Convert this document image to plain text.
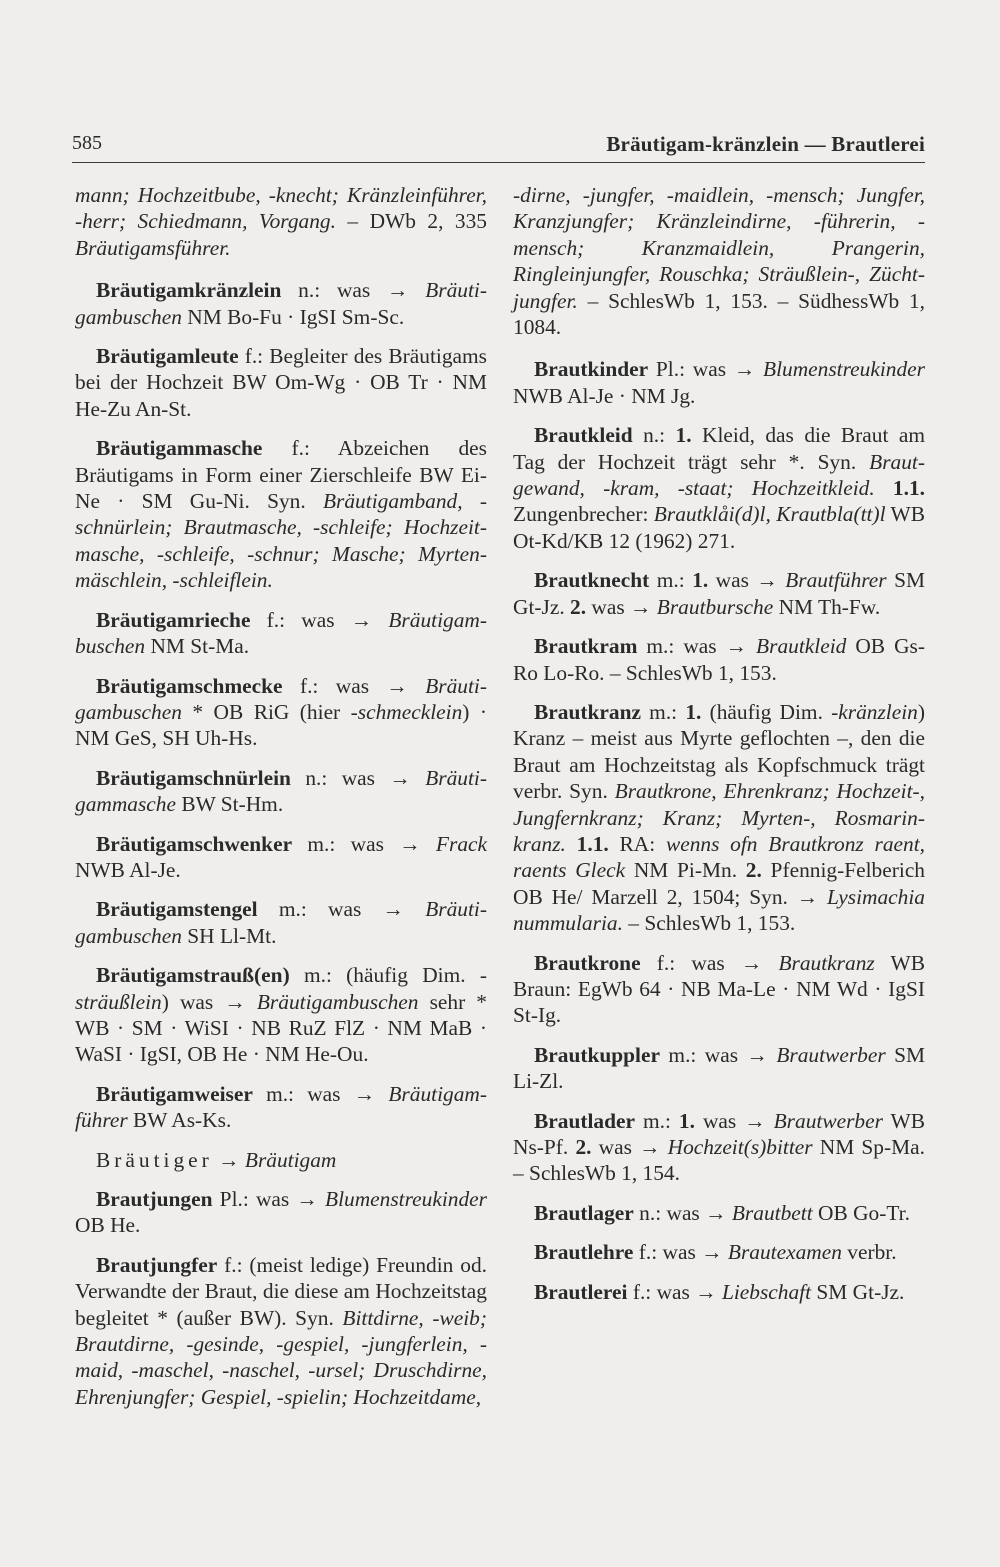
585	Bräutigam-kränzlein — Brautlerei

mann; Hochzeitbube, -knecht; Kränzleinführer, -herr; Schiedmann, Vorgang. – DWb 2, 335 Bräutigamsführer.

Bräutigamkränzlein n.: was → Bräutigambuschen NM Bo-Fu · IgSI Sm-Sc.

Bräutigamleute f.: Begleiter des Bräutigams bei der Hochzeit BW Om-Wg · OB Tr · NM He-Zu An-St.

Bräutigammasche f.: Abzeichen des Bräutigams in Form einer Zierschleife BW Ei-Ne · SM Gu-Ni. Syn. Bräutigamband, -schnürlein; Brautmasche, -schleife; Hochzeitmasche, -schleife, -schnur; Masche; Myrtenmäschlein, -schleiflein.

Bräutigamrieche f.: was → Bräutigambuschen NM St-Ma.

Bräutigamschmecke f.: was → Bräutigambuschen * OB RiG (hier -schmecklein) · NM GeS, SH Uh-Hs.

Bräutigamschnürlein n.: was → Bräutigammasche BW St-Hm.

Bräutigamschwenker m.: was → Frack NWB Al-Je.

Bräutigamstengel m.: was → Bräutigambuschen SH Ll-Mt.

Bräutigamstrauß(en) m.: (häufig Dim. -sträußlein) was → Bräutigambuschen sehr * WB · SM · WiSI · NB RuZ FlZ · NM MaB · WaSI · IgSI, OB He · NM He-Ou.

Bräutigamweiser m.: was → Bräutigamführer BW As-Ks.

Bräutiger → Bräutigam

Brautjungen Pl.: was → Blumenstreukinder OB He.

Brautjungfer f.: (meist ledige) Freundin od. Verwandte der Braut, die diese am Hochzeitstag begleitet * (außer BW). Syn. Bittdirne, -weib; Brautdirne, -gesinde, -gespiel, -jungferlein, -maid, -maschel, -naschel, -ursel; Druschdirne, Ehrenjungfer; Gespiel, -spielin; Hochzeitdame,

-dirne, -jungfer, -maidlein, -mensch; Jungfer, Kranzjungfer; Kränzleindirne, -führerin, -mensch; Kranzmaidlein, Prangerin, Ringleinjungfer, Rouschka; Sträußlein-, Züchtjungfer. – SchlesWb 1, 153. – SüdhessWb 1, 1084.

Brautkinder Pl.: was → Blumenstreukinder NWB Al-Je · NM Jg.

Brautkleid n.: 1. Kleid, das die Braut am Tag der Hochzeit trägt sehr *. Syn. Brautgewand, -kram, -staat; Hochzeitkleid. 1.1. Zungenbrecher: Brautklåi(d)l, Krautbla(tt)l WB Ot-Kd/KB 12 (1962) 271.

Brautknecht m.: 1. was → Brautführer SM Gt-Jz. 2. was → Brautbursche NM Th-Fw.

Brautkram m.: was → Brautkleid OB Gs-Ro Lo-Ro. – SchlesWb 1, 153.

Brautkranz m.: 1. (häufig Dim. -kränzlein) Kranz – meist aus Myrte geflochten –, den die Braut am Hochzeitstag als Kopfschmuck trägt verbr. Syn. Brautkrone, Ehrenkranz; Hochzeit-, Jungfernkranz; Kranz; Myrten-, Rosmarinkranz. 1.1. RA: wenns ofn Brautkronz raent, raents Gleck NM Pi-Mn. 2. Pfennig-Felberich OB He/ Marzell 2, 1504; Syn. → Lysimachia nummularia. – SchlesWb 1, 153.

Brautkrone f.: was → Brautkranz WB Braun: EgWb 64 · NB Ma-Le · NM Wd · IgSI St-Ig.

Brautkuppler m.: was → Brautwerber SM Li-Zl.

Brautlader m.: 1. was → Brautwerber WB Ns-Pf. 2. was → Hochzeit(s)bitter NM Sp-Ma. – SchlesWb 1, 154.

Brautlager n.: was → Brautbett OB Go-Tr.

Brautlehre f.: was → Brautexamen verbr.

Brautlerei f.: was → Liebschaft SM Gt-Jz.
